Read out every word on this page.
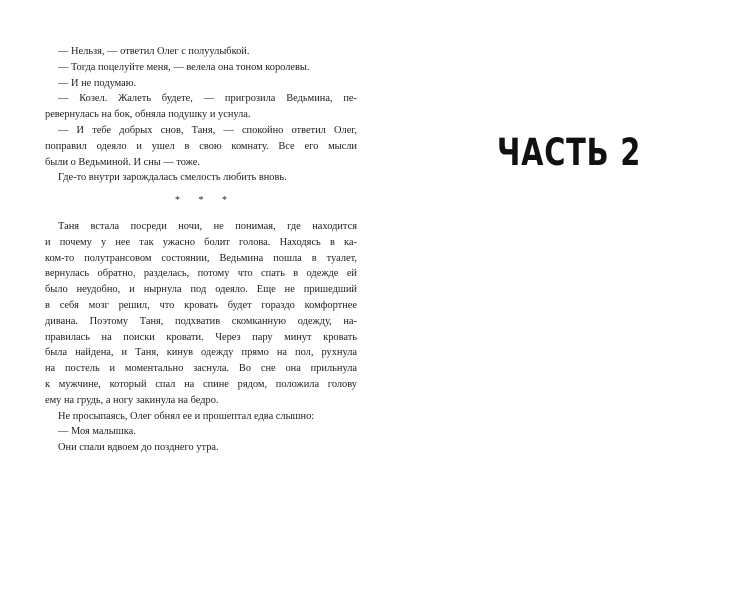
— Нельзя, — ответил Олег с полуулыбкой.

— Тогда поцелуйте меня, — велела она тоном королевы.

— И не подумаю.

— Козел. Жалеть будете, — пригрозила Ведьмина, пе-
ревернулась на бок, обняла подушку и уснула.

— И тебе добрых снов, Таня, — спокойно ответил Олег,
поправил одеяло и ушел в свою комнату. Все его мысли
были о Ведьминой. И сны — тоже.

Где-то внутри зарождалась смелость любить вновь.

* * *

Таня встала посреди ночи, не понимая, где находится
и почему у нее так ужасно болит голова. Находясь в ка-
ком-то полутрансовом состоянии, Ведьмина пошла в туалет,
вернулась обратно, разделась, потому что спать в одежде ей
было неудобно, и нырнула под одеяло. Еще не пришедший
в себя мозг решил, что кровать будет гораздо комфортнее
дивана. Поэтому Таня, подхватив скомканную одежду, на-
правилась на поиски кровати. Через пару минут кровать
была найдена, и Таня, кинув одежду прямо на пол, рухнула
на постель и моментально заснула. Во сне она прильнула
к мужчине, который спал на спине рядом, положила голову
ему на грудь, а ногу закинула на бедро.

Не просыпаясь, Олег обнял ее и прошептал едва слышно:

— Моя малышка.

Они спали вдвоем до позднего утра.

ЧАСТЬ 2
